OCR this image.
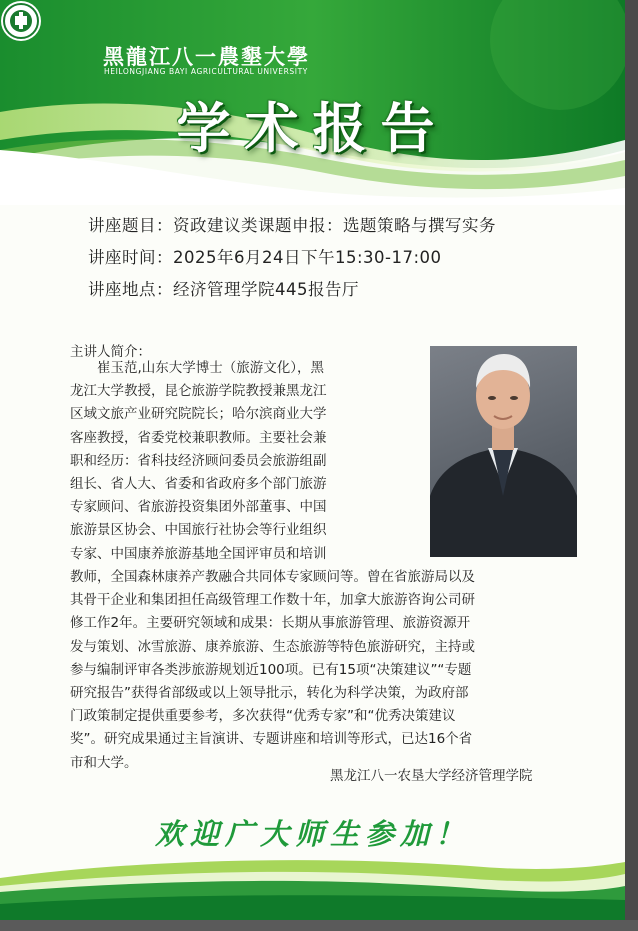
黑龍江八一農墾大學
HEILONGJIANG BAYI AGRICULTURAL UNIVERSITY
学术报告
讲座题目：资政建议类课题申报：选题策略与撰写实务
讲座时间：2025年6月24日下午15:30-17:00
讲座地点：经济管理学院445报告厅
主讲人简介：
　　崔玉范,山东大学博士（旅游文化），黑
龙江大学教授，昆仑旅游学院教授兼黑龙江
区域文旅产业研究院院长；哈尔滨商业大学
客座教授，省委党校兼职教师。主要社会兼
职和经历：省科技经济顾问委员会旅游组副
组长、省人大、省委和省政府多个部门旅游
专家顾问、省旅游投资集团外部董事、中国
旅游景区协会、中国旅行社协会等行业组织
专家、中国康养旅游基地全国评审员和培训
教师，全国森林康养产教融合共同体专家顾问等。曾在省旅游局以及
其骨干企业和集团担任高级管理工作数十年，加拿大旅游咨询公司研
修工作2年。主要研究领域和成果：长期从事旅游管理、旅游资源开
发与策划、冰雪旅游、康养旅游、生态旅游等特色旅游研究，主持或
参与编制评审各类涉旅游规划近100项。已有15项“决策建议”“专题
研究报告”获得省部级或以上领导批示，转化为科学决策，为政府部
门政策制定提供重要参考，多次获得“优秀专家”和“优秀决策建议
奖”。研究成果通过主旨演讲、专题讲座和培训等形式，已达16个省
市和大学。
黑龙江八一农垦大学经济管理学院
欢迎广大师生参加！
